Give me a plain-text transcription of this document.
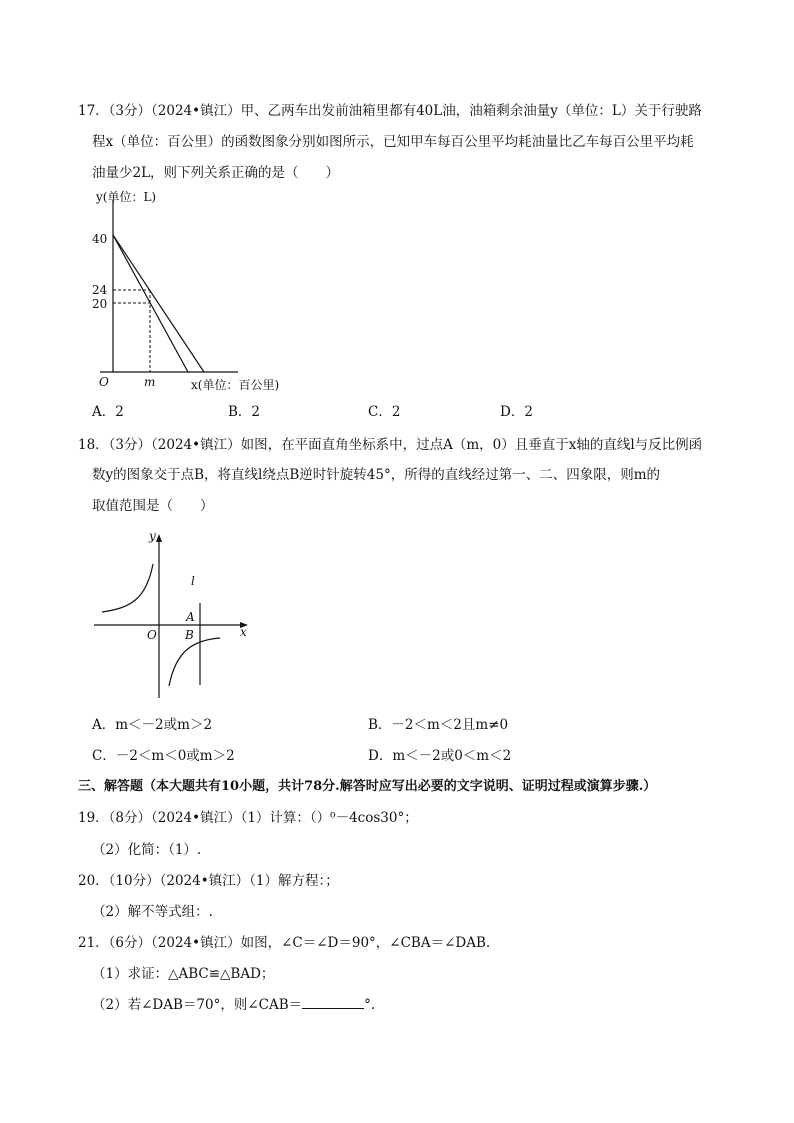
17．（3分）（2024•镇江）甲、乙两车出发前油箱里都有40L油，油箱剩余油量y（单位：L）关于行驶路
程x（单位：百公里）的函数图象分别如图所示，已知甲车每百公里平均耗油量比乙车每百公里平均耗
油量少2L，则下列关系正确的是（　　）
y(单位：L)
40
24
20
O	m	x(单位：百公里)
A．2	B．2	C．2	D．2
18．（3分）（2024•镇江）如图，在平面直角坐标系中，过点A（m，0）且垂直于x轴的直线l与反比例函
数y的图象交于点B，将直线l绕点B逆时针旋转45°，所得的直线经过第一、二、四象限，则m的
取值范围是（　　）
y
x
O
l
A
B
A．m＜－2或m＞2	B．－2＜m＜2且m≠0
C．－2＜m＜0或m＞2	D．m＜－2或0＜m＜2
三、解答题（本大题共有10小题，共计78分.解答时应写出必要的文字说明、证明过程或演算步骤.）
19．（8分）（2024•镇江）（1）计算：（）⁰－4cos30°；
（2）化简：（1）.
20．（10分）（2024•镇江）（1）解方程：；
（2）解不等式组：.
21．（6分）（2024•镇江）如图，∠C＝∠D＝90°，∠CBA＝∠DAB.
（1）求证：△ABC≌△BAD；
（2）若∠DAB＝70°，则∠CAB＝	°.
